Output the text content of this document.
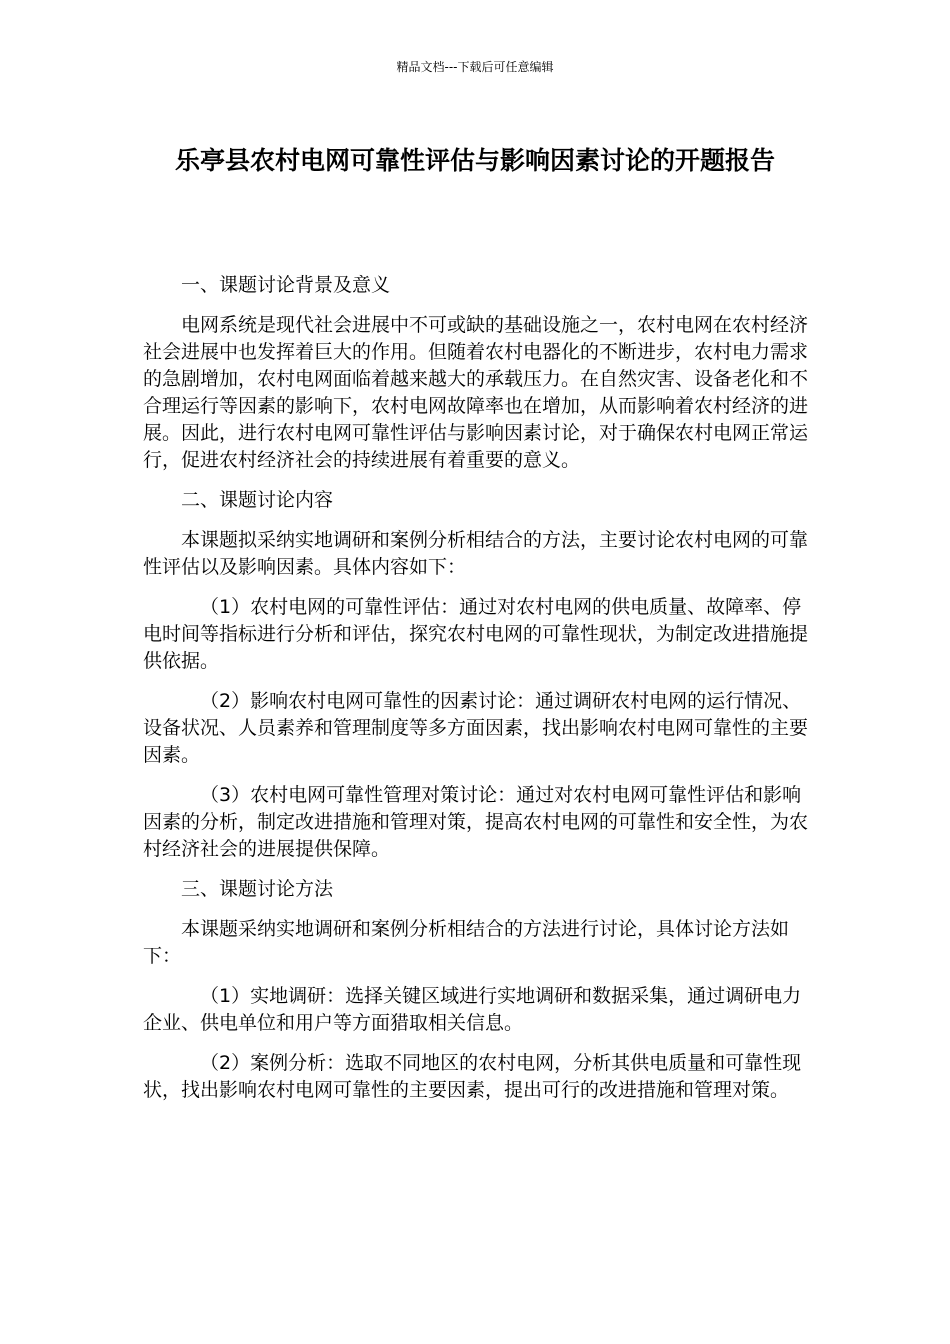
精品文档---下载后可任意编辑
乐亭县农村电网可靠性评估与影响因素讨论的开题报告

一、课题讨论背景及意义

电网系统是现代社会进展中不可或缺的基础设施之一，农村电网在农村经济社会进展中也发挥着巨大的作用。但随着农村电器化的不断进步，农村电力需求的急剧增加，农村电网面临着越来越大的承载压力。在自然灾害、设备老化和不合理运行等因素的影响下，农村电网故障率也在增加，从而影响着农村经济的进展。因此，进行农村电网可靠性评估与影响因素讨论，对于确保农村电网正常运行，促进农村经济社会的持续进展有着重要的意义。

二、课题讨论内容

本课题拟采纳实地调研和案例分析相结合的方法，主要讨论农村电网的可靠性评估以及影响因素。具体内容如下：

（1）农村电网的可靠性评估：通过对农村电网的供电质量、故障率、停电时间等指标进行分析和评估，探究农村电网的可靠性现状，为制定改进措施提供依据。

（2）影响农村电网可靠性的因素讨论：通过调研农村电网的运行情况、设备状况、人员素养和管理制度等多方面因素，找出影响农村电网可靠性的主要因素。

（3）农村电网可靠性管理对策讨论：通过对农村电网可靠性评估和影响因素的分析，制定改进措施和管理对策，提高农村电网的可靠性和安全性，为农村经济社会的进展提供保障。

三、课题讨论方法

本课题采纳实地调研和案例分析相结合的方法进行讨论，具体讨论方法如下：

（1）实地调研：选择关键区域进行实地调研和数据采集，通过调研电力企业、供电单位和用户等方面猎取相关信息。

（2）案例分析：选取不同地区的农村电网，分析其供电质量和可靠性现状，找出影响农村电网可靠性的主要因素，提出可行的改进措施和管理对策。
